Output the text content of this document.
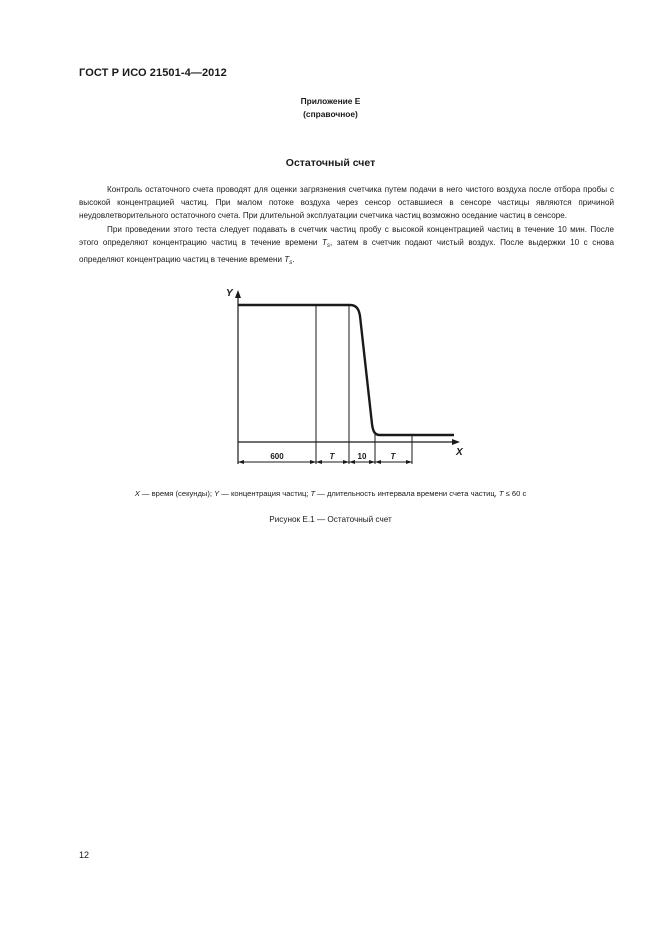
ГОСТ Р ИСО 21501-4—2012
Приложение E
(справочное)
Остаточный счет

Контроль остаточного счета проводят для оценки загрязнения счетчика путем подачи в него чистого воздуха после отбора пробы с высокой концентрацией частиц. При малом потоке воздуха через сенсор оставшиеся в сенсоре частицы являются причиной неудовлетворительного остаточного счета. При длительной эксплуатации счетчика частиц возможно оседание частиц в сенсоре.

При проведении этого теста следует подавать в счетчик частиц пробу с высокой концентрацией частиц в течение 10 мин. После этого определяют концентрацию частиц в течение времени $T_s$, затем в счетчик подают чистый воздух. После выдержки 10 с снова определяют концентрацию частиц в течение времени $T_s$.

Y
X
600	T	10	T
X — время (секунды); Y — концентрация частиц; T — длительность интервала времени счета частиц, T ≤ 60 с
Рисунок E.1 — Остаточный счет
12
